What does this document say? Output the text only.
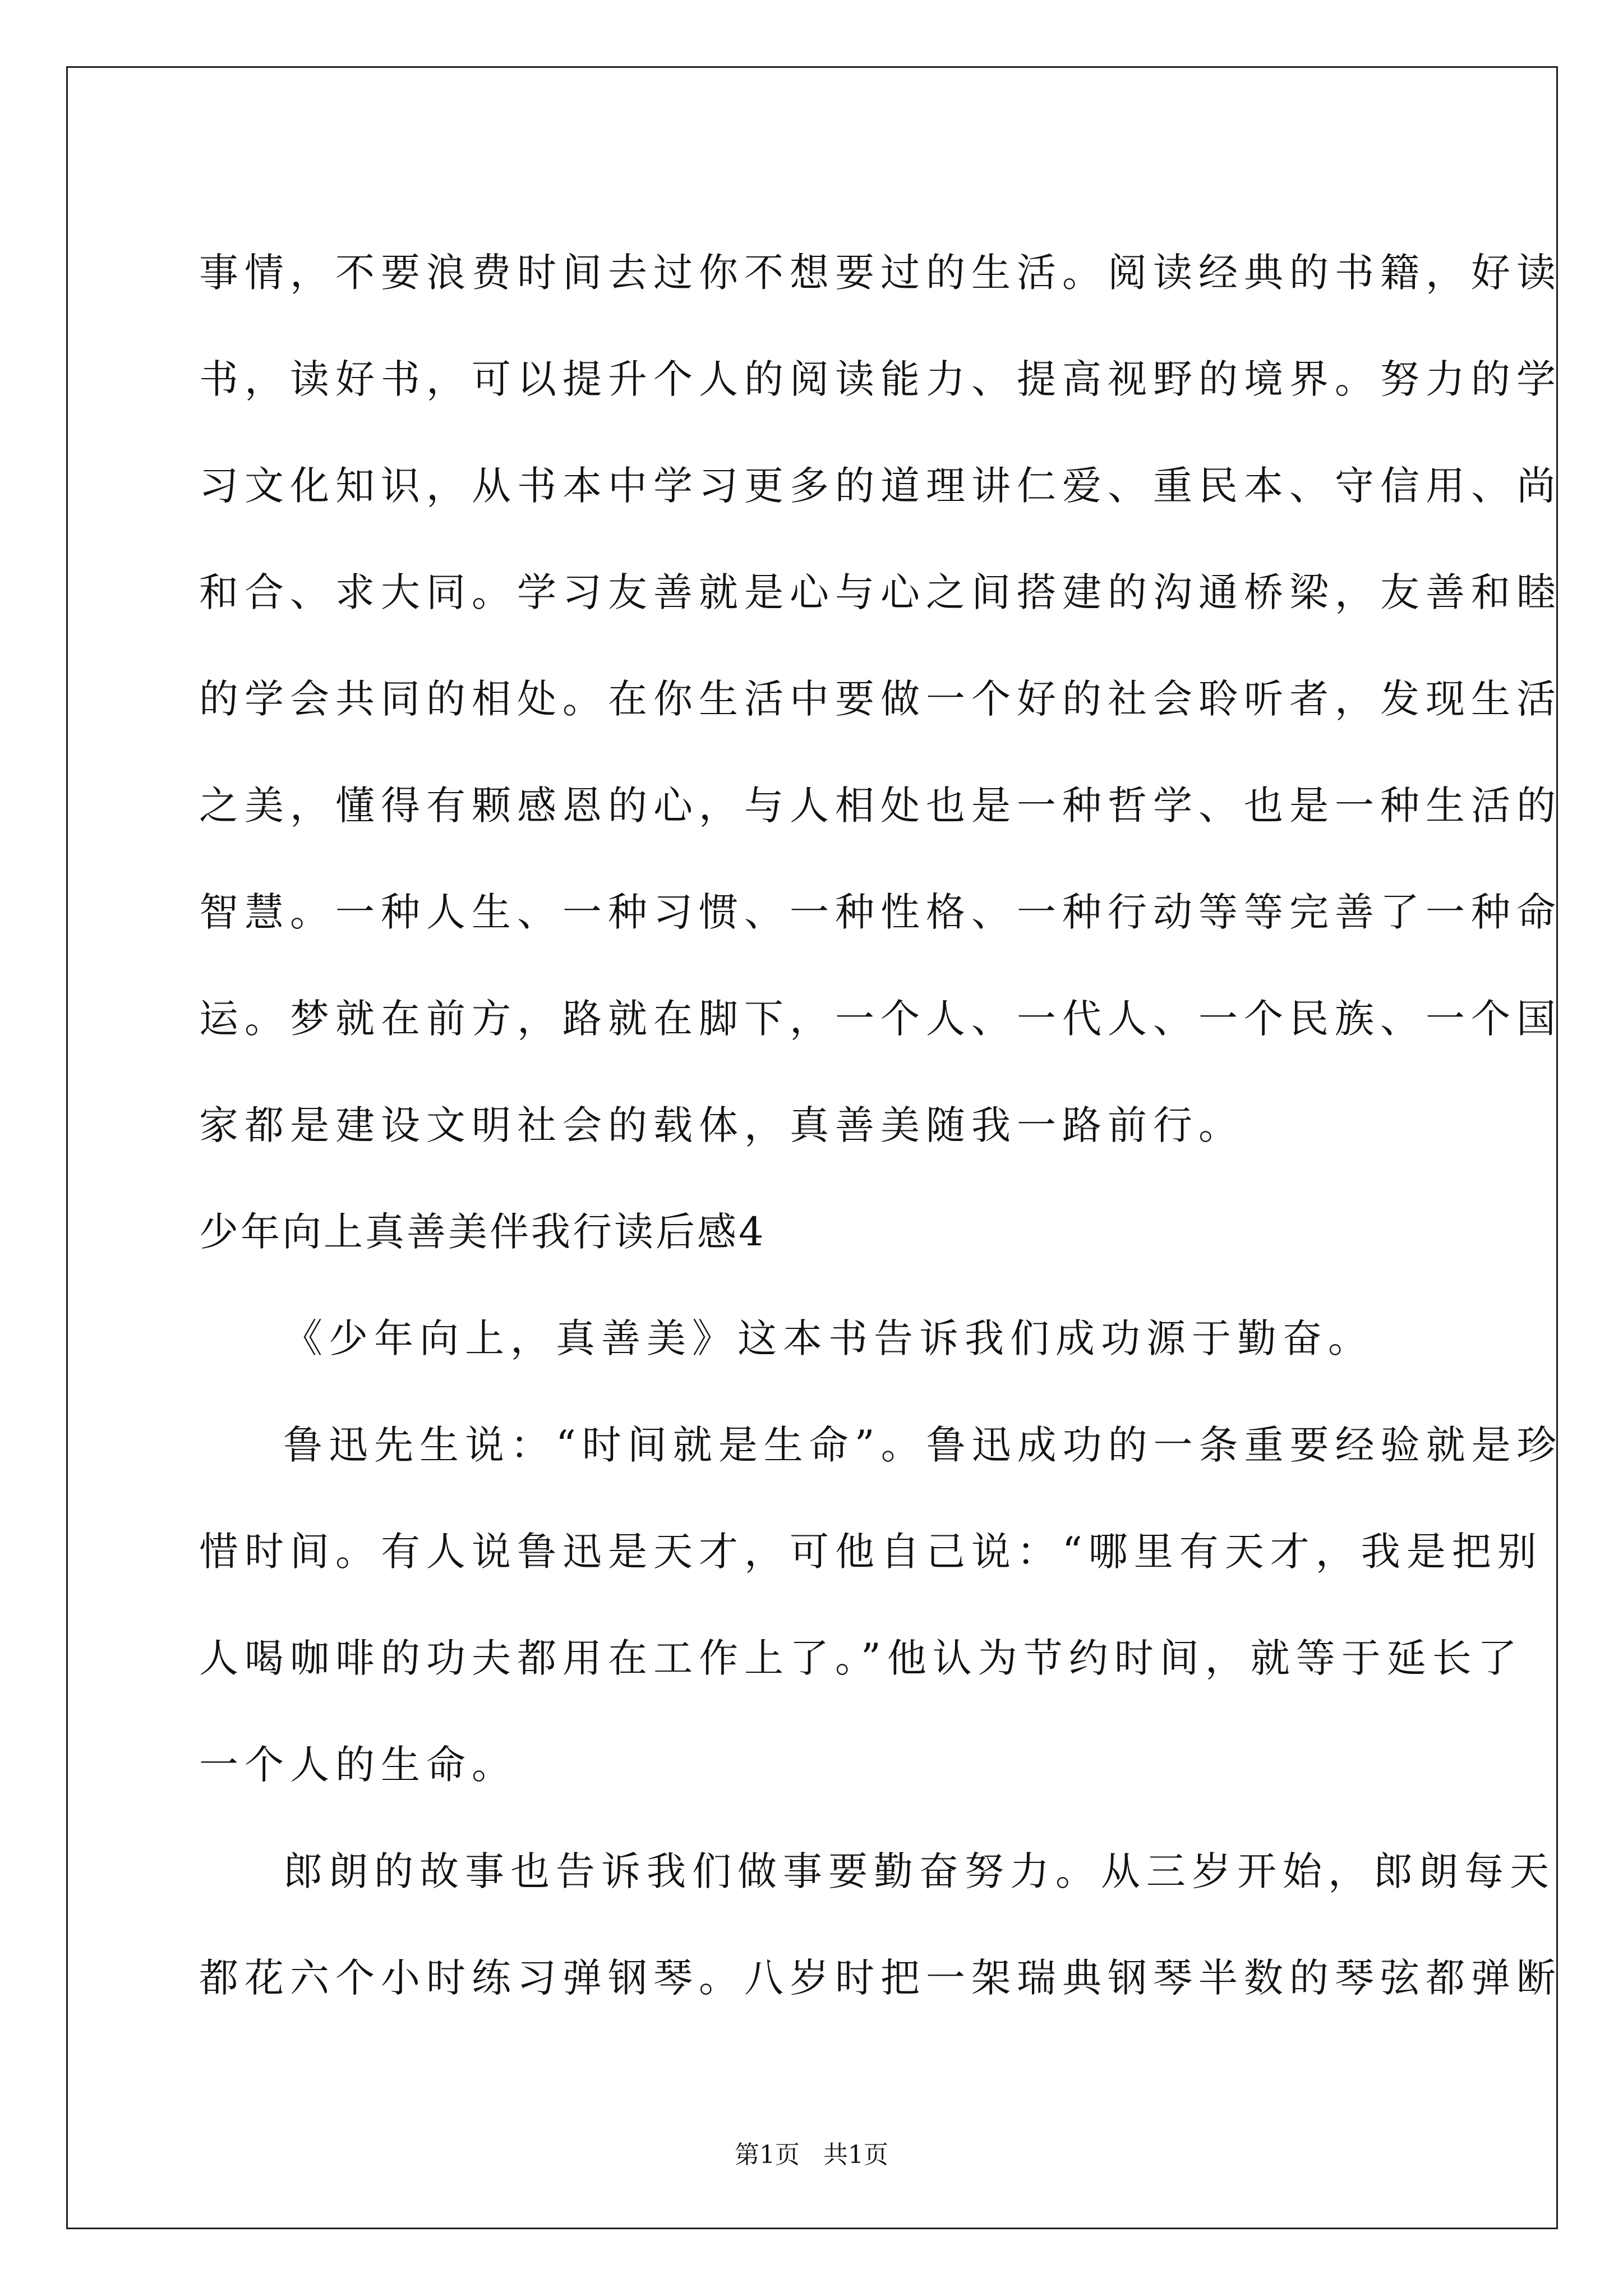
事情，不要浪费时间去过你不想要过的生活。阅读经典的书籍，好读
书，读好书，可以提升个人的阅读能力、提高视野的境界。努力的学
习文化知识，从书本中学习更多的道理讲仁爱、重民本、守信用、尚
和合、求大同。学习友善就是心与心之间搭建的沟通桥梁，友善和睦
的学会共同的相处。在你生活中要做一个好的社会聆听者，发现生活
之美，懂得有颗感恩的心，与人相处也是一种哲学、也是一种生活的
智慧。一种人生、一种习惯、一种性格、一种行动等等完善了一种命
运。梦就在前方，路就在脚下，一个人、一代人、一个民族、一个国
家都是建设文明社会的载体，真善美随我一路前行。
少年向上真善美伴我行读后感4
《少年向上，真善美》这本书告诉我们成功源于勤奋。
鲁迅先生说：“时间就是生命”。鲁迅成功的一条重要经验就是珍
惜时间。有人说鲁迅是天才，可他自己说：“哪里有天才，我是把别
人喝咖啡的功夫都用在工作上了。”他认为节约时间，就等于延长了
一个人的生命。
郎朗的故事也告诉我们做事要勤奋努力。从三岁开始，郎朗每天
都花六个小时练习弹钢琴。八岁时把一架瑞典钢琴半数的琴弦都弹断
第1页   共1页
